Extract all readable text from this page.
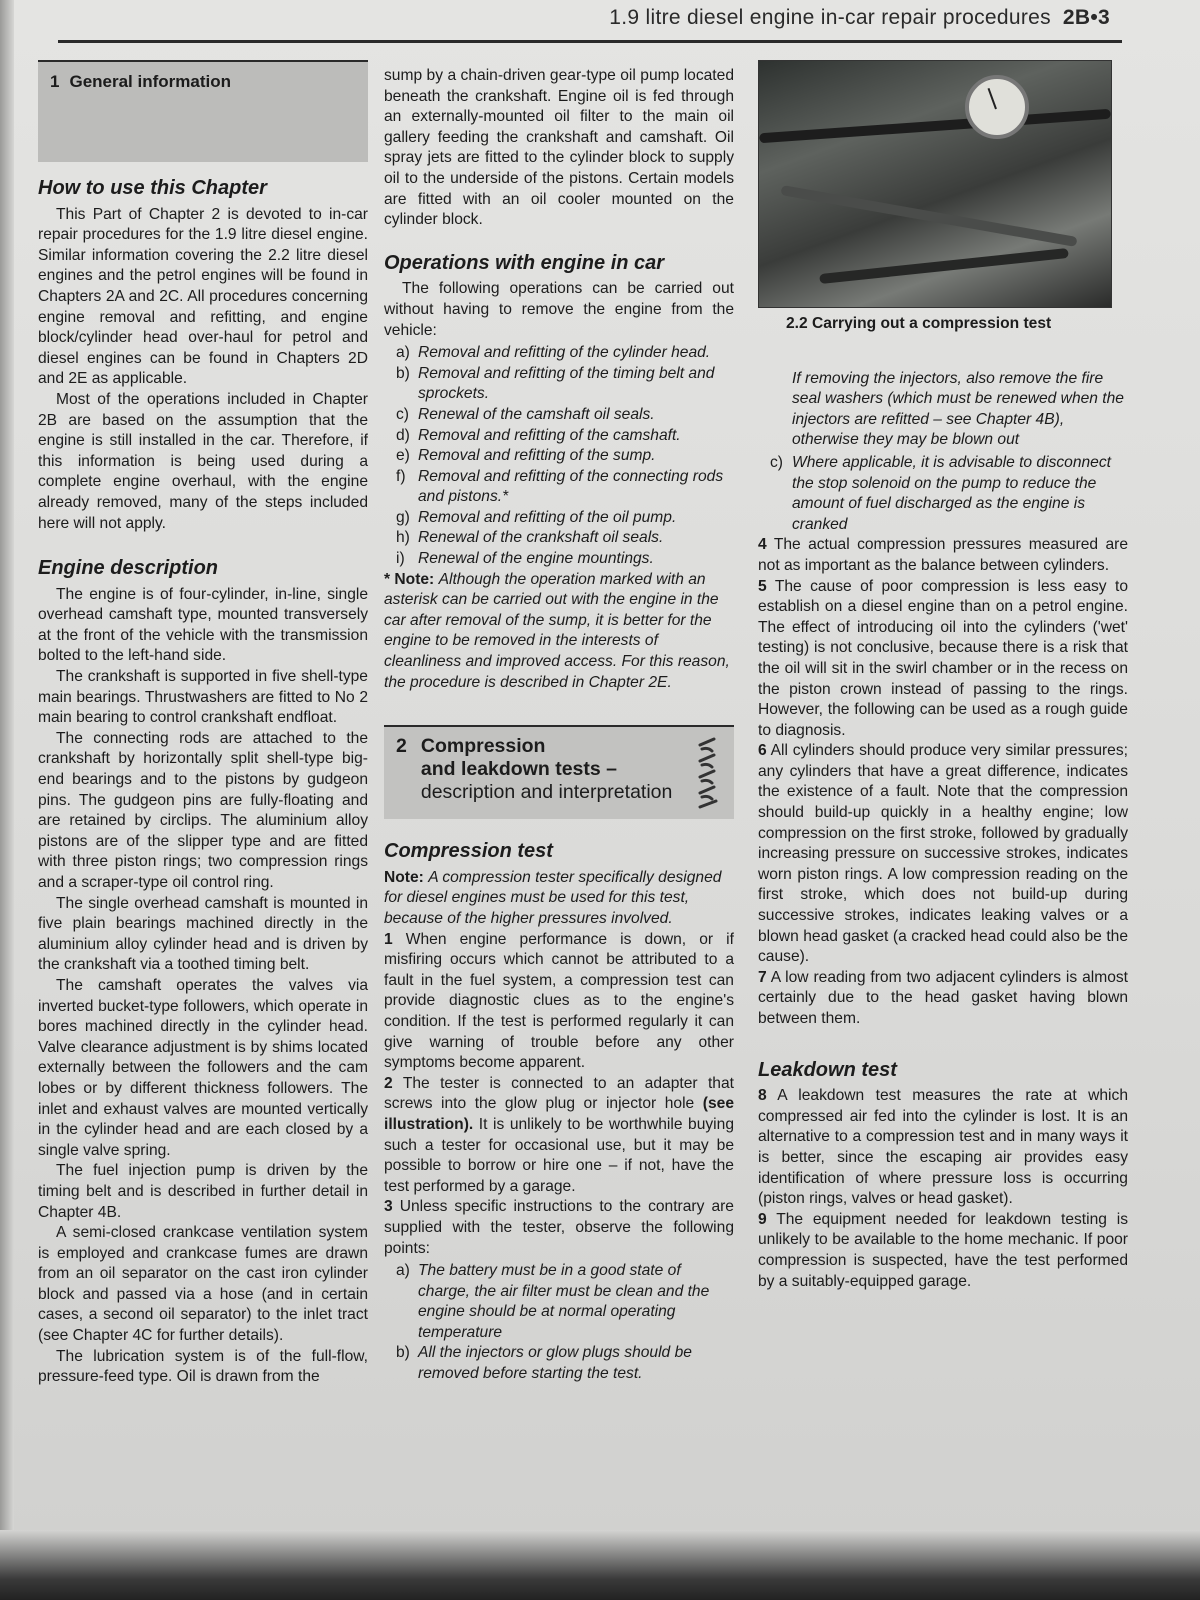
1.9 litre diesel engine in-car repair procedures 2B•3
1 General information
How to use this Chapter

This Part of Chapter 2 is devoted to in-car repair procedures for the 1.9 litre diesel engine. Similar information covering the 2.2 litre diesel engines and the petrol engines will be found in Chapters 2A and 2C. All procedures concerning engine removal and refitting, and engine block/cylinder head over-haul for petrol and diesel engines can be found in Chapters 2D and 2E as applicable.

Most of the operations included in Chapter 2B are based on the assumption that the engine is still installed in the car. Therefore, if this information is being used during a complete engine overhaul, with the engine already removed, many of the steps included here will not apply.

Engine description

The engine is of four-cylinder, in-line, single overhead camshaft type, mounted transversely at the front of the vehicle with the transmission bolted to the left-hand side.

The crankshaft is supported in five shell-type main bearings. Thrustwashers are fitted to No 2 main bearing to control crankshaft endfloat.

The connecting rods are attached to the crankshaft by horizontally split shell-type big-end bearings and to the pistons by gudgeon pins. The gudgeon pins are fully-floating and are retained by circlips. The aluminium alloy pistons are of the slipper type and are fitted with three piston rings; two compression rings and a scraper-type oil control ring.

The single overhead camshaft is mounted in five plain bearings machined directly in the aluminium alloy cylinder head and is driven by the crankshaft via a toothed timing belt.

The camshaft operates the valves via inverted bucket-type followers, which operate in bores machined directly in the cylinder head. Valve clearance adjustment is by shims located externally between the followers and the cam lobes or by different thickness followers. The inlet and exhaust valves are mounted vertically in the cylinder head and are each closed by a single valve spring.

The fuel injection pump is driven by the timing belt and is described in further detail in Chapter 4B.

A semi-closed crankcase ventilation system is employed and crankcase fumes are drawn from an oil separator on the cast iron cylinder block and passed via a hose (and in certain cases, a second oil separator) to the inlet tract (see Chapter 4C for further details).

The lubrication system is of the full-flow, pressure-feed type. Oil is drawn from the

sump by a chain-driven gear-type oil pump located beneath the crankshaft. Engine oil is fed through an externally-mounted oil filter to the main oil gallery feeding the crankshaft and camshaft. Oil spray jets are fitted to the cylinder block to supply oil to the underside of the pistons. Certain models are fitted with an oil cooler mounted on the cylinder block.

Operations with engine in car

The following operations can be carried out without having to remove the engine from the vehicle:

a) Removal and refitting of the cylinder head.
b) Removal and refitting of the timing belt and sprockets.
c) Renewal of the camshaft oil seals.
d) Removal and refitting of the camshaft.
e) Removal and refitting of the sump.
f) Removal and refitting of the connecting rods and pistons.*
g) Removal and refitting of the oil pump.
h) Renewal of the crankshaft oil seals.
i) Renewal of the engine mountings.

* Note: Although the operation marked with an asterisk can be carried out with the engine in the car after removal of the sump, it is better for the engine to be removed in the interests of cleanliness and improved access. For this reason, the procedure is described in Chapter 2E.

2 Compression
and leakdown tests –
description and interpretation
Compression test

Note: A compression tester specifically designed for diesel engines must be used for this test, because of the higher pressures involved.

1 When engine performance is down, or if misfiring occurs which cannot be attributed to a fault in the fuel system, a compression test can provide diagnostic clues as to the engine's condition. If the test is performed regularly it can give warning of trouble before any other symptoms become apparent.

2 The tester is connected to an adapter that screws into the glow plug or injector hole (see illustration). It is unlikely to be worthwhile buying such a tester for occasional use, but it may be possible to borrow or hire one – if not, have the test performed by a garage.

3 Unless specific instructions to the contrary are supplied with the tester, observe the following points:

a) The battery must be in a good state of charge, the air filter must be clean and the engine should be at normal operating temperature
b) All the injectors or glow plugs should be removed before starting the test.
2.2 Carrying out a compression test
If removing the injectors, also remove the fire seal washers (which must be renewed when the injectors are refitted – see Chapter 4B), otherwise they may be blown out
c) Where applicable, it is advisable to disconnect the stop solenoid on the pump to reduce the amount of fuel discharged as the engine is cranked

4 The actual compression pressures measured are not as important as the balance between cylinders.

5 The cause of poor compression is less easy to establish on a diesel engine than on a petrol engine. The effect of introducing oil into the cylinders ('wet' testing) is not conclusive, because there is a risk that the oil will sit in the swirl chamber or in the recess on the piston crown instead of passing to the rings. However, the following can be used as a rough guide to diagnosis.

6 All cylinders should produce very similar pressures; any cylinders that have a great difference, indicates the existence of a fault. Note that the compression should build-up quickly in a healthy engine; low compression on the first stroke, followed by gradually increasing pressure on successive strokes, indicates worn piston rings. A low compression reading on the first stroke, which does not build-up during successive strokes, indicates leaking valves or a blown head gasket (a cracked head could also be the cause).

7 A low reading from two adjacent cylinders is almost certainly due to the head gasket having blown between them.

Leakdown test

8 A leakdown test measures the rate at which compressed air fed into the cylinder is lost. It is an alternative to a compression test and in many ways it is better, since the escaping air provides easy identification of where pressure loss is occurring (piston rings, valves or head gasket).

9 The equipment needed for leakdown testing is unlikely to be available to the home mechanic. If poor compression is suspected, have the test performed by a suitably-equipped garage.
